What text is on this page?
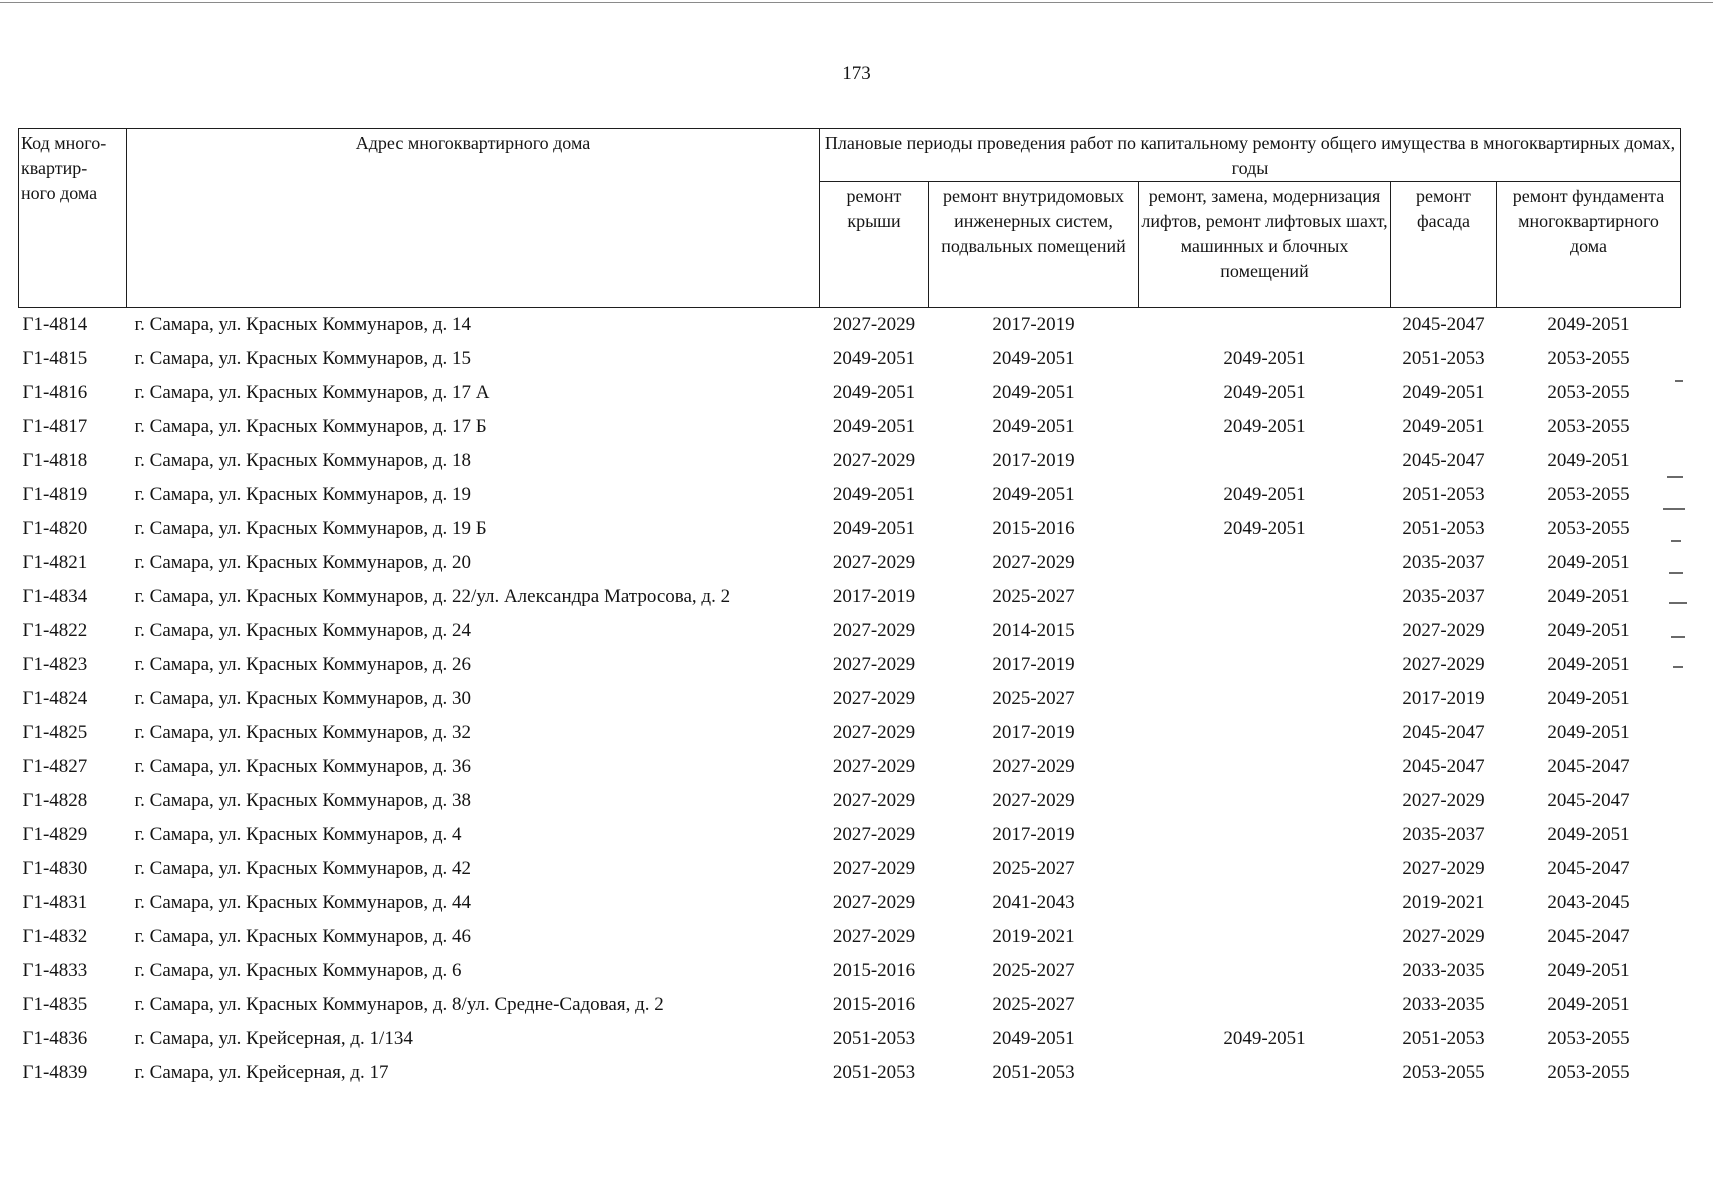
173
Код много-
квартир-
ного дома	Адрес многоквартирного дома	Плановые периоды проведения работ по капитальному ремонту общего имущества в многоквартирных домах, годы				
		ремонт крыши	ремонт внутридомовых инженерных систем, подвальных помещений	ремонт, замена, модернизация лифтов, ремонт лифтовых шахт, машинных и блочных помещений	ремонт фасада	ремонт фундамента многоквартирного дома
Г1-4814	г. Самара, ул. Красных Коммунаров, д. 14	2027-2029	2017-2019		2045-2047	2049-2051
Г1-4815	г. Самара, ул. Красных Коммунаров, д. 15	2049-2051	2049-2051	2049-2051	2051-2053	2053-2055
Г1-4816	г. Самара, ул. Красных Коммунаров, д. 17 А	2049-2051	2049-2051	2049-2051	2049-2051	2053-2055
Г1-4817	г. Самара, ул. Красных Коммунаров, д. 17 Б	2049-2051	2049-2051	2049-2051	2049-2051	2053-2055
Г1-4818	г. Самара, ул. Красных Коммунаров, д. 18	2027-2029	2017-2019		2045-2047	2049-2051
Г1-4819	г. Самара, ул. Красных Коммунаров, д. 19	2049-2051	2049-2051	2049-2051	2051-2053	2053-2055
Г1-4820	г. Самара, ул. Красных Коммунаров, д. 19 Б	2049-2051	2015-2016	2049-2051	2051-2053	2053-2055
Г1-4821	г. Самара, ул. Красных Коммунаров, д. 20	2027-2029	2027-2029		2035-2037	2049-2051
Г1-4834	г. Самара, ул. Красных Коммунаров, д. 22/ул. Александра Матросова, д. 2	2017-2019	2025-2027		2035-2037	2049-2051
Г1-4822	г. Самара, ул. Красных Коммунаров, д. 24	2027-2029	2014-2015		2027-2029	2049-2051
Г1-4823	г. Самара, ул. Красных Коммунаров, д. 26	2027-2029	2017-2019		2027-2029	2049-2051
Г1-4824	г. Самара, ул. Красных Коммунаров, д. 30	2027-2029	2025-2027		2017-2019	2049-2051
Г1-4825	г. Самара, ул. Красных Коммунаров, д. 32	2027-2029	2017-2019		2045-2047	2049-2051
Г1-4827	г. Самара, ул. Красных Коммунаров, д. 36	2027-2029	2027-2029		2045-2047	2045-2047
Г1-4828	г. Самара, ул. Красных Коммунаров, д. 38	2027-2029	2027-2029		2027-2029	2045-2047
Г1-4829	г. Самара, ул. Красных Коммунаров, д. 4	2027-2029	2017-2019		2035-2037	2049-2051
Г1-4830	г. Самара, ул. Красных Коммунаров, д. 42	2027-2029	2025-2027		2027-2029	2045-2047
Г1-4831	г. Самара, ул. Красных Коммунаров, д. 44	2027-2029	2041-2043		2019-2021	2043-2045
Г1-4832	г. Самара, ул. Красных Коммунаров, д. 46	2027-2029	2019-2021		2027-2029	2045-2047
Г1-4833	г. Самара, ул. Красных Коммунаров, д. 6	2015-2016	2025-2027		2033-2035	2049-2051
Г1-4835	г. Самара, ул. Красных Коммунаров, д. 8/ул. Средне-Садовая, д. 2	2015-2016	2025-2027		2033-2035	2049-2051
Г1-4836	г. Самара, ул. Крейсерная, д. 1/134	2051-2053	2049-2051	2049-2051	2051-2053	2053-2055
Г1-4839	г. Самара, ул. Крейсерная, д. 17	2051-2053	2051-2053		2053-2055	2053-2055
